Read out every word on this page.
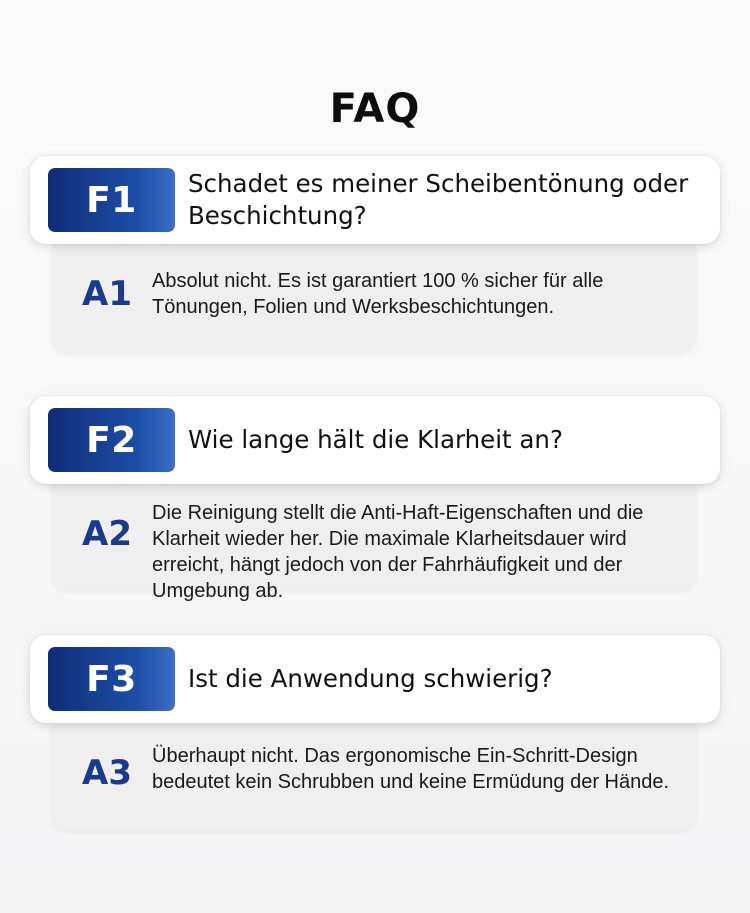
FAQ
A1	Absolut nicht. Es ist garantiert 100 % sicher für alle Tönungen, Folien und Werksbeschichtungen.
F1	Schadet es meiner Scheibentönung oder Beschichtung?
A2
Die Reinigung stellt die Anti-Haft-Eigenschaften und die Klarheit wieder her. Die maximale Klarheitsdauer wird erreicht, hängt jedoch von der Fahrhäufigkeit und der Umgebung ab.
F2	Wie lange hält die Klarheit an?
A3	Überhaupt nicht. Das ergonomische Ein-Schritt-Design bedeutet kein Schrubben und keine Ermüdung der Hände.
F3	Ist die Anwendung schwierig?
